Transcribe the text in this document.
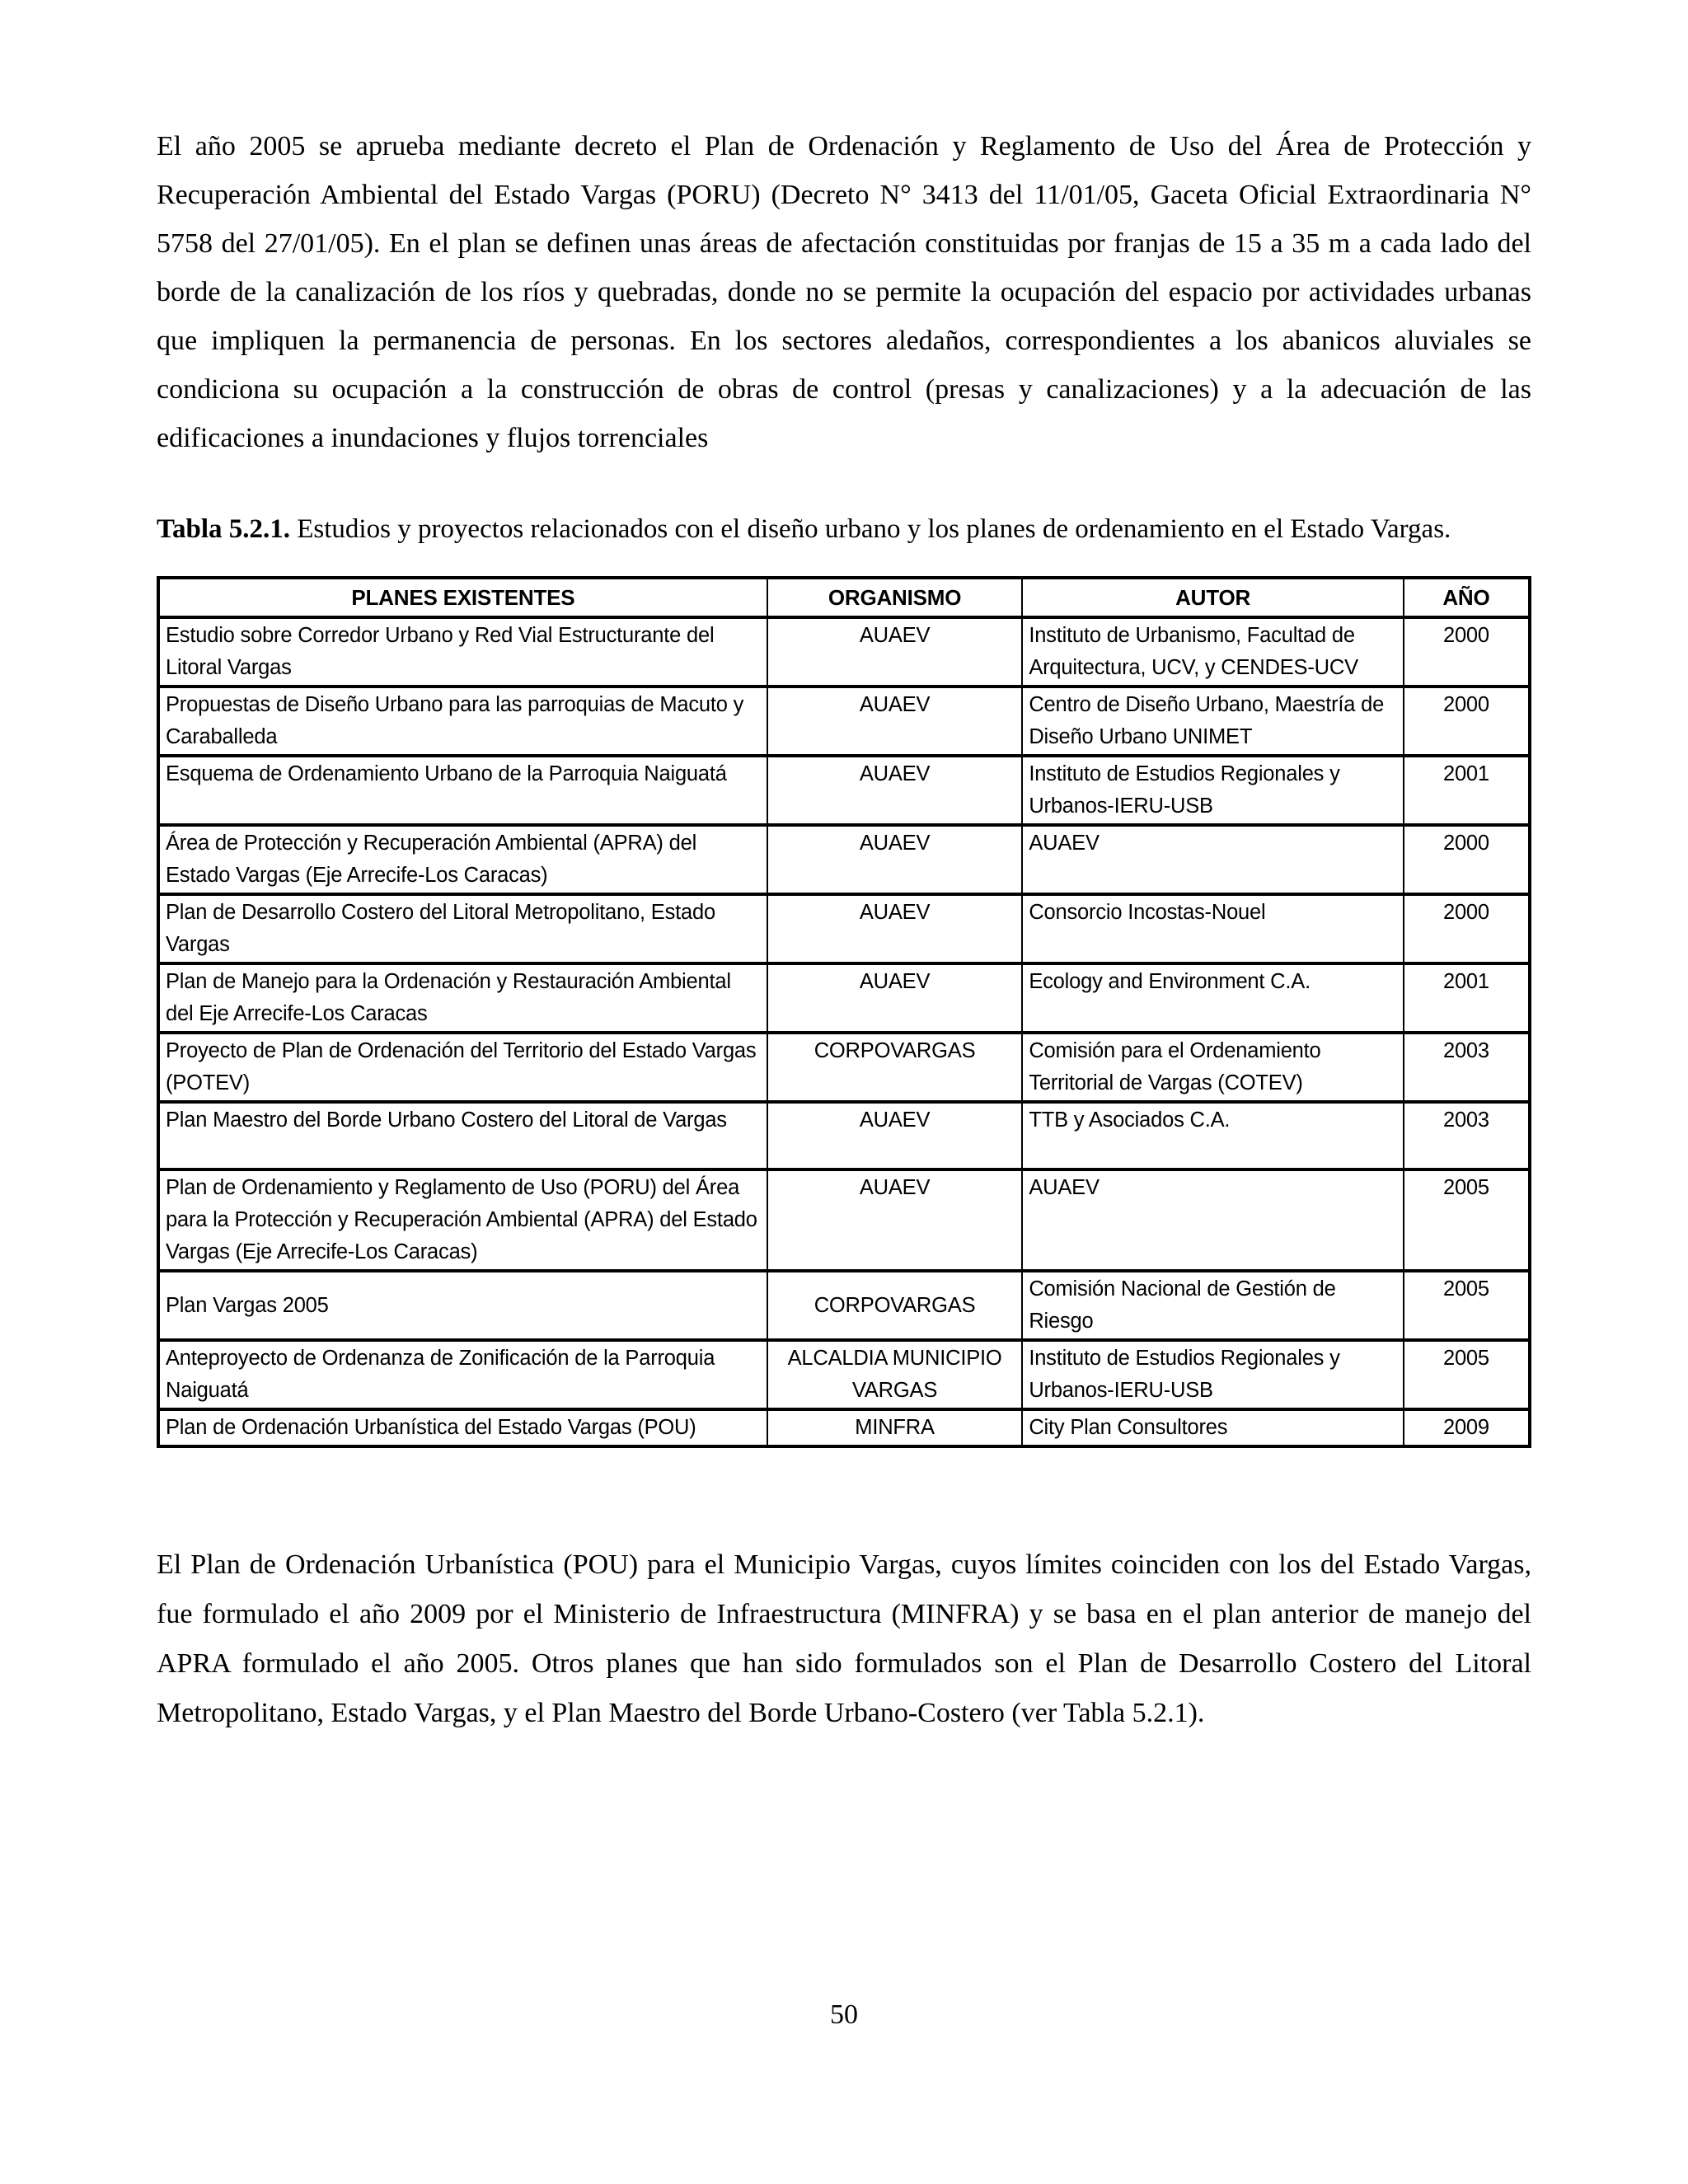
El año 2005 se aprueba mediante decreto el Plan de Ordenación y Reglamento de Uso del Área de Protección y Recuperación Ambiental del Estado Vargas (PORU) (Decreto N° 3413 del 11/01/05, Gaceta Oficial Extraordinaria N° 5758 del 27/01/05). En el plan se definen unas áreas de afectación constituidas por franjas de 15 a 35 m a cada lado del borde de la canalización de los ríos y quebradas, donde no se permite la ocupación del espacio por actividades urbanas que impliquen la permanencia de personas. En los sectores aledaños, correspondientes a los abanicos aluviales se condiciona su ocupación a la construcción de obras de control (presas y canalizaciones) y a la adecuación de las edificaciones a inundaciones y flujos torrenciales

Tabla 5.2.1. Estudios y proyectos relacionados con el diseño urbano y los planes de ordenamiento en el Estado Vargas.

PLANES EXISTENTES	ORGANISMO	AUTOR	AÑO
Estudio sobre Corredor Urbano y Red Vial Estructurante del Litoral Vargas	AUAEV	Instituto de Urbanismo, Facultad de Arquitectura, UCV, y CENDES-UCV	2000
Propuestas de Diseño Urbano para las parroquias de Macuto y Caraballeda	AUAEV	Centro de Diseño Urbano, Maestría de Diseño Urbano UNIMET	2000
Esquema de Ordenamiento Urbano de la Parroquia Naiguatá	AUAEV	Instituto de Estudios Regionales y Urbanos-IERU-USB	2001
Área de Protección y Recuperación Ambiental (APRA) del Estado Vargas (Eje Arrecife-Los Caracas)	AUAEV	AUAEV	2000
Plan de Desarrollo Costero del Litoral Metropolitano, Estado Vargas	AUAEV	Consorcio Incostas-Nouel	2000
Plan de Manejo para la Ordenación y Restauración Ambiental del Eje Arrecife-Los Caracas	AUAEV	Ecology and Environment C.A.	2001
Proyecto de Plan de Ordenación del Territorio del Estado Vargas (POTEV)	CORPOVARGAS	Comisión para el Ordenamiento Territorial de Vargas (COTEV)	2003
Plan Maestro del Borde Urbano Costero del Litoral de Vargas	AUAEV	TTB y Asociados C.A.	2003
Plan de Ordenamiento y Reglamento de Uso (PORU) del Área para la Protección y Recuperación Ambiental (APRA) del Estado Vargas (Eje Arrecife-Los Caracas)	AUAEV	AUAEV	2005
Plan Vargas 2005	CORPOVARGAS	Comisión Nacional de Gestión de Riesgo	2005
Anteproyecto de Ordenanza de Zonificación de la Parroquia Naiguatá	ALCALDIA MUNICIPIO VARGAS	Instituto de Estudios Regionales y Urbanos-IERU-USB	2005
Plan de Ordenación Urbanística del Estado Vargas (POU)	MINFRA	City Plan Consultores	2009

El Plan de Ordenación Urbanística (POU) para el Municipio Vargas, cuyos límites coinciden con los del Estado Vargas, fue formulado el año 2009 por el Ministerio de Infraestructura (MINFRA) y se basa en el plan anterior de manejo del APRA formulado el año 2005. Otros planes que han sido formulados son el Plan de Desarrollo Costero del Litoral Metropolitano, Estado Vargas, y el Plan Maestro del Borde Urbano-Costero (ver Tabla 5.2.1).

50
